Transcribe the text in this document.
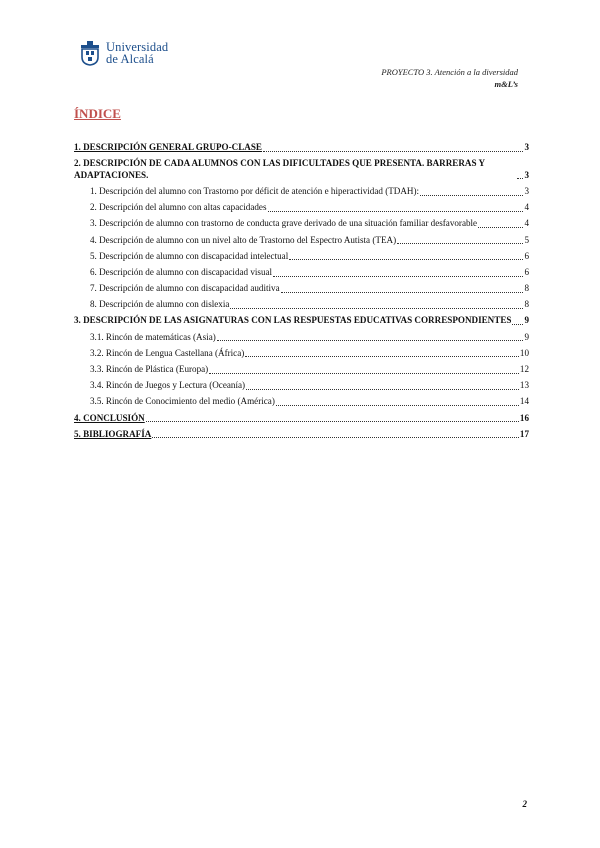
Universidad
de Alcalá
PROYECTO 3. Atención a la diversidad
m&L’s
ÍNDICE
1. DESCRIPCIÓN GENERAL GRUPO-CLASE	3
2. DESCRIPCIÓN DE CADA ALUMNOS CON LAS DIFICULTADES QUE PRESENTA. BARRERAS Y ADAPTACIONES.	3
1. Descripción del alumno con Trastorno por déficit de atención e hiperactividad (TDAH):	3
2. Descripción del alumno con altas capacidades	4
3. Descripción de alumno con trastorno de conducta grave derivado de una situación familiar desfavorable	4
4. Descripción de alumno con un nivel alto de Trastorno del Espectro Autista (TEA)	5
5. Descripción de alumno con discapacidad intelectual	6
6. Descripción de alumno con discapacidad visual	6
7. Descripción de alumno con discapacidad auditiva	8
8. Descripción de alumno con dislexia	8
3. DESCRIPCIÓN DE LAS ASIGNATURAS CON LAS RESPUESTAS EDUCATIVAS CORRESPONDIENTES 9
3.1. Rincón de matemáticas (Asia)	9
3.2. Rincón de Lengua Castellana (África)	10
3.3. Rincón de Plástica (Europa)	12
3.4. Rincón de Juegos y Lectura (Oceanía)	13
3.5. Rincón de Conocimiento del medio (América)	14
4. CONCLUSIÓN	16
5. BIBLIOGRAFÍA	17
2
